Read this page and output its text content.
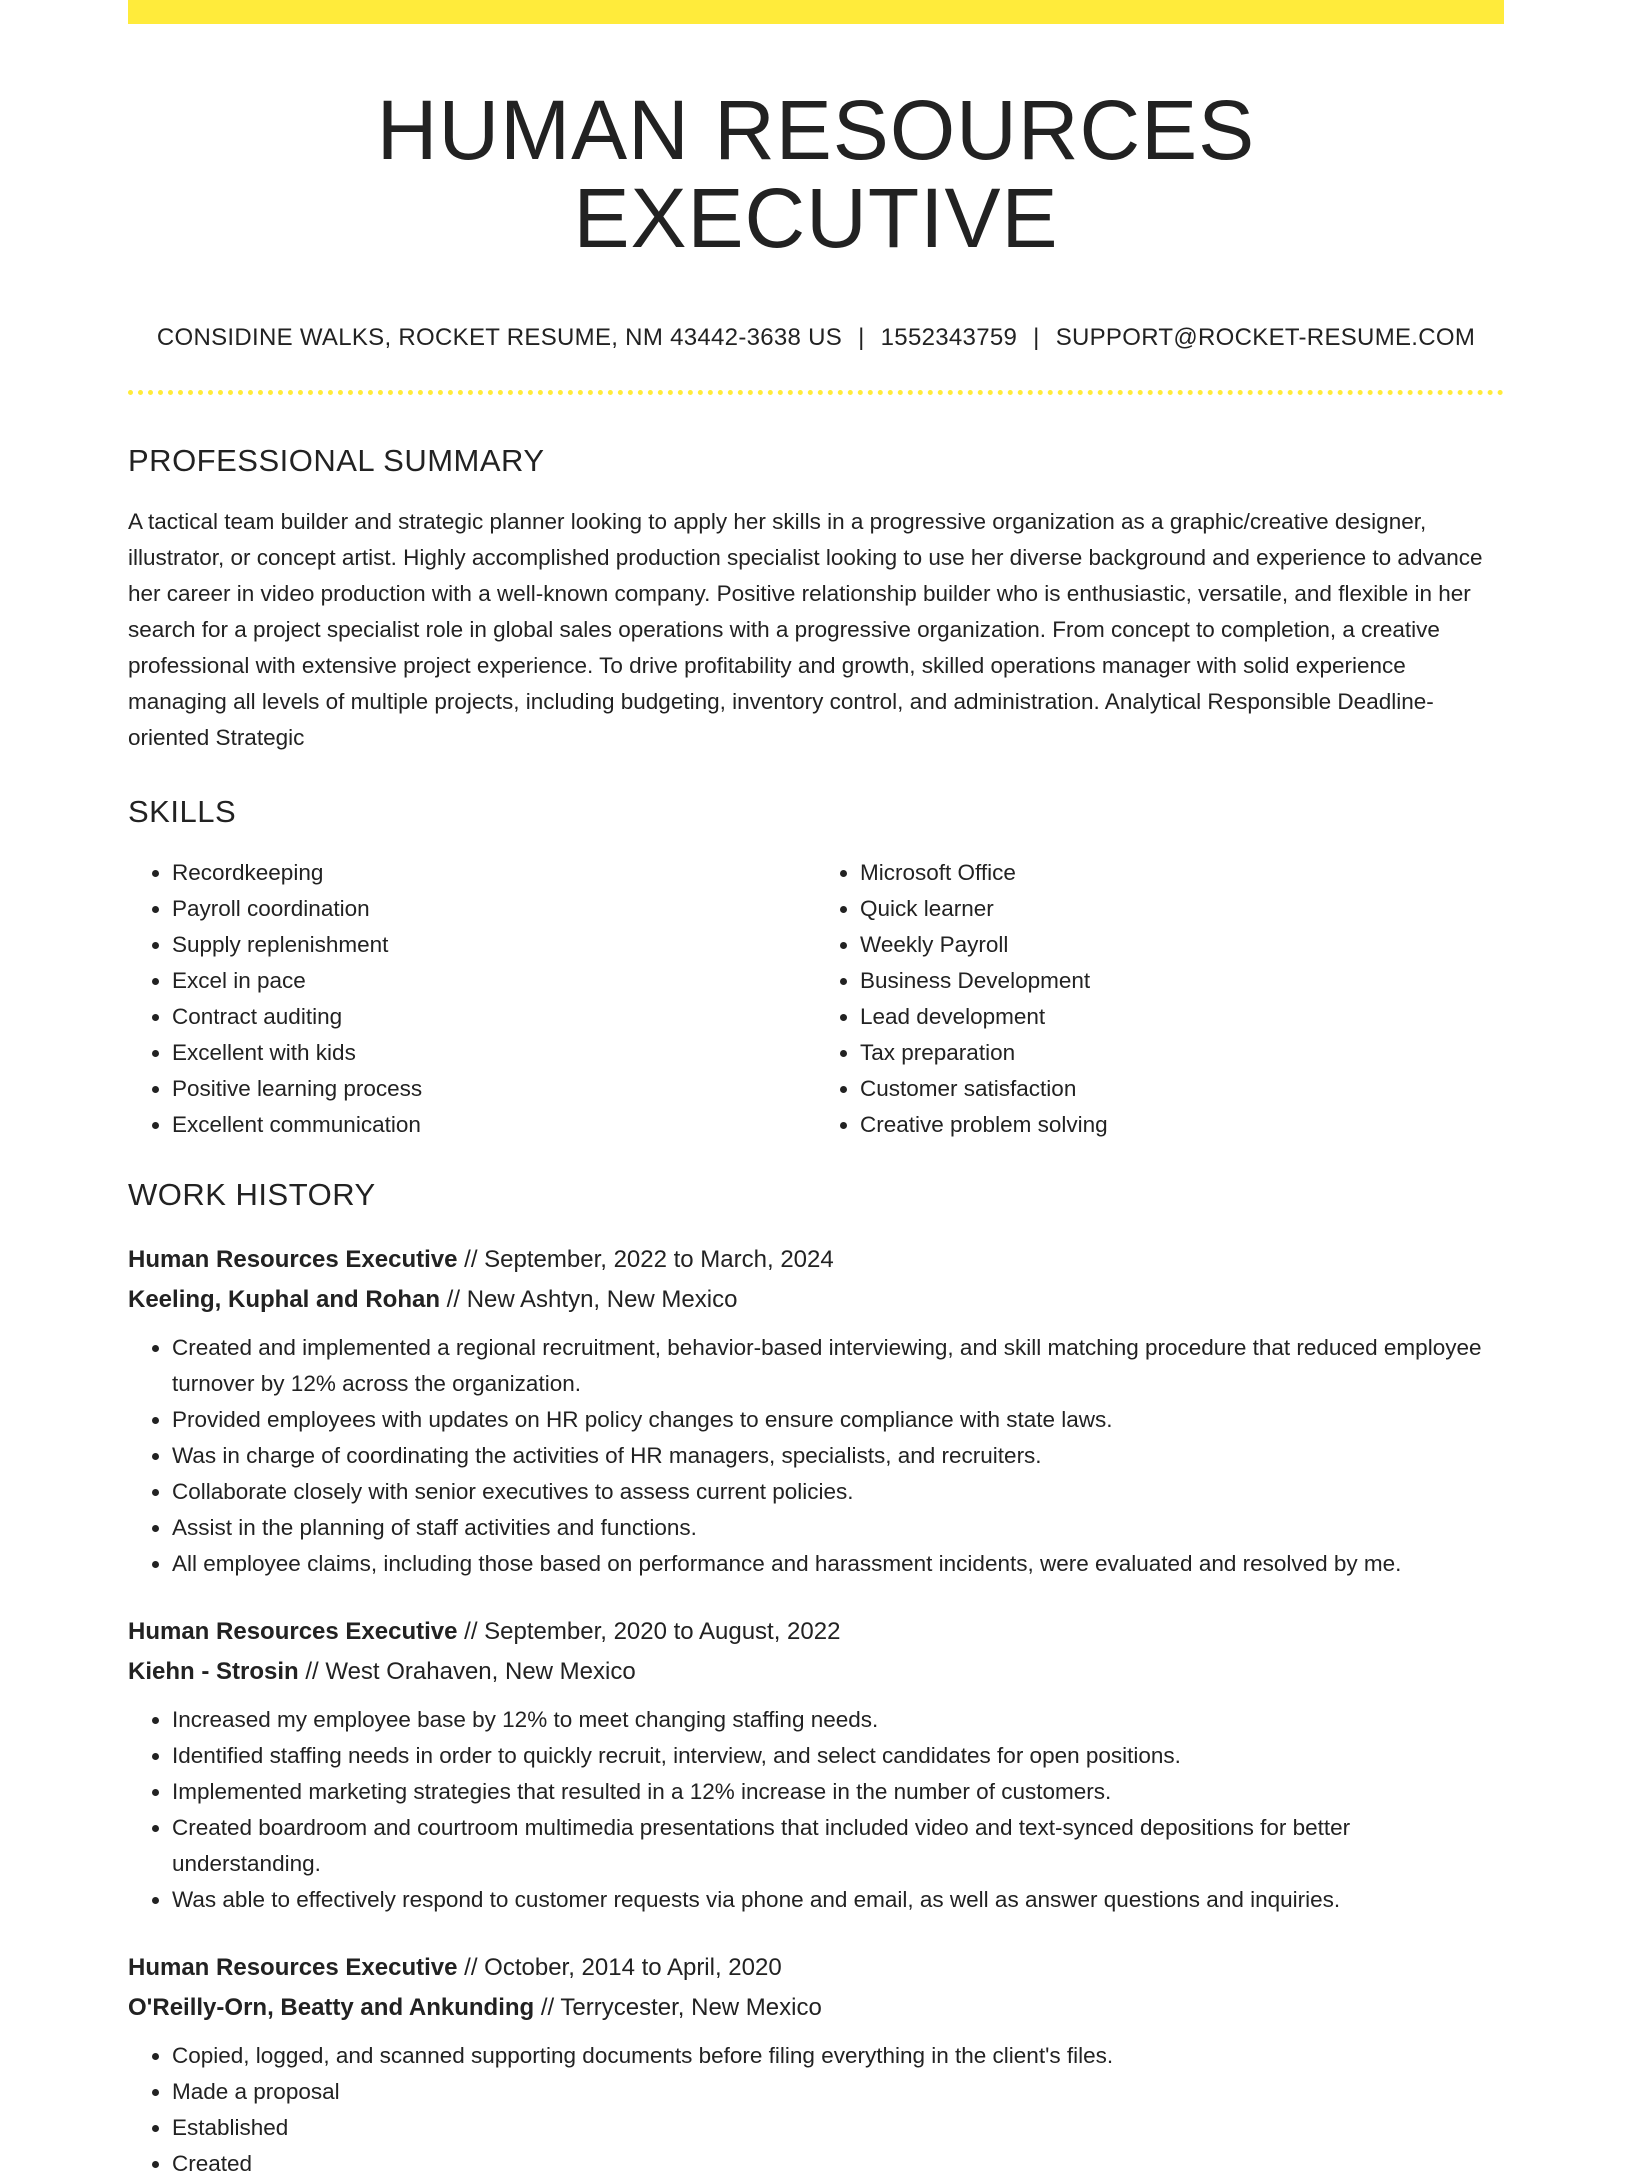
HUMAN RESOURCES EXECUTIVE
CONSIDINE WALKS, ROCKET RESUME, NM 43442-3638 US | 1552343759 | SUPPORT@ROCKET-RESUME.COM
PROFESSIONAL SUMMARY

A tactical team builder and strategic planner looking to apply her skills in a progressive organization as a graphic/creative designer, illustrator, or concept artist. Highly accomplished production specialist looking to use her diverse background and experience to advance her career in video production with a well-known company. Positive relationship builder who is enthusiastic, versatile, and flexible in her search for a project specialist role in global sales operations with a progressive organization. From concept to completion, a creative professional with extensive project experience. To drive profitability and growth, skilled operations manager with solid experience managing all levels of multiple projects, including budgeting, inventory control, and administration. Analytical Responsible Deadline-oriented Strategic

SKILLS
• Recordkeeping
• Payroll coordination
• Supply replenishment
• Excel in pace
• Contract auditing
• Excellent with kids
• Positive learning process
• Excellent communication
• Microsoft Office
• Quick learner
• Weekly Payroll
• Business Development
• Lead development
• Tax preparation
• Customer satisfaction
• Creative problem solving
WORK HISTORY
Human Resources Executive // September, 2022 to March, 2024
Keeling, Kuphal and Rohan // New Ashtyn, New Mexico
• Created and implemented a regional recruitment, behavior-based interviewing, and skill matching procedure that reduced employee turnover by 12% across the organization.
• Provided employees with updates on HR policy changes to ensure compliance with state laws.
• Was in charge of coordinating the activities of HR managers, specialists, and recruiters.
• Collaborate closely with senior executives to assess current policies.
• Assist in the planning of staff activities and functions.
• All employee claims, including those based on performance and harassment incidents, were evaluated and resolved by me.
Human Resources Executive // September, 2020 to August, 2022
Kiehn - Strosin // West Orahaven, New Mexico
• Increased my employee base by 12% to meet changing staffing needs.
• Identified staffing needs in order to quickly recruit, interview, and select candidates for open positions.
• Implemented marketing strategies that resulted in a 12% increase in the number of customers.
• Created boardroom and courtroom multimedia presentations that included video and text-synced depositions for better understanding.
• Was able to effectively respond to customer requests via phone and email, as well as answer questions and inquiries.
Human Resources Executive // October, 2014 to April, 2020
O'Reilly-Orn, Beatty and Ankunding // Terrycester, New Mexico
• Copied, logged, and scanned supporting documents before filing everything in the client's files.
• Made a proposal
• Established
• Created
